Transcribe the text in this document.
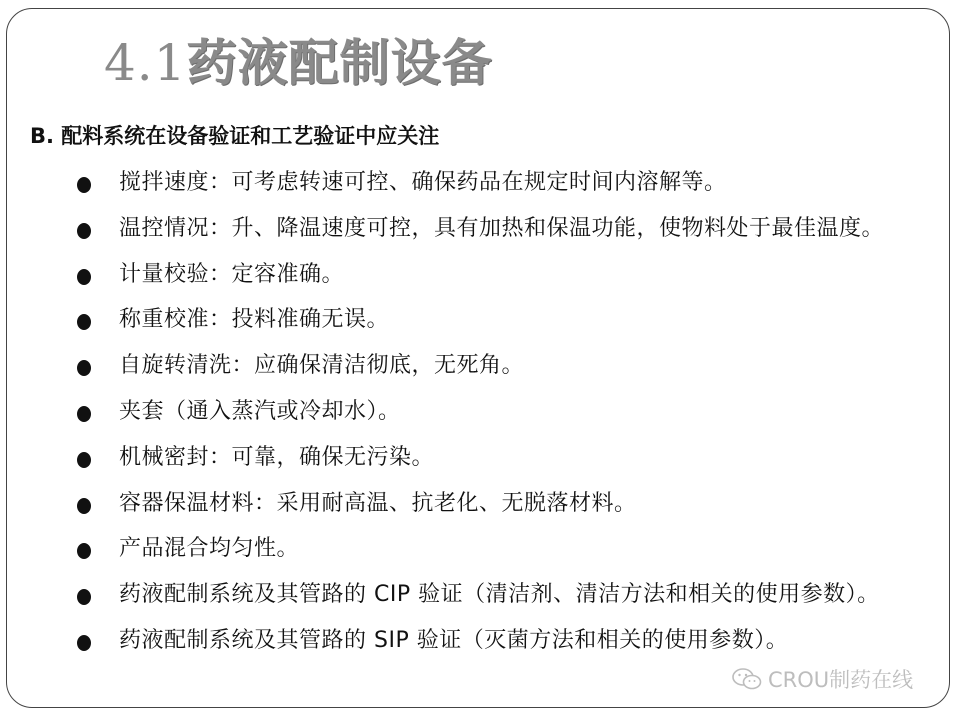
4.1药液配制设备
B. 配料系统在设备验证和工艺验证中应关注
搅拌速度：可考虑转速可控、确保药品在规定时间内溶解等。
温控情况：升、降温速度可控，具有加热和保温功能，使物料处于最佳温度。
计量校验：定容准确。
称重校准：投料准确无误。
自旋转清洗：应确保清洁彻底，无死角。
夹套（通入蒸汽或冷却水）。
机械密封：可靠，确保无污染。
容器保温材料：采用耐高温、抗老化、无脱落材料。
产品混合均匀性。
药液配制系统及其管路的 CIP 验证（清洁剂、清洁方法和相关的使用参数）。
药液配制系统及其管路的 SIP 验证（灭菌方法和相关的使用参数）。
CROU制药在线
